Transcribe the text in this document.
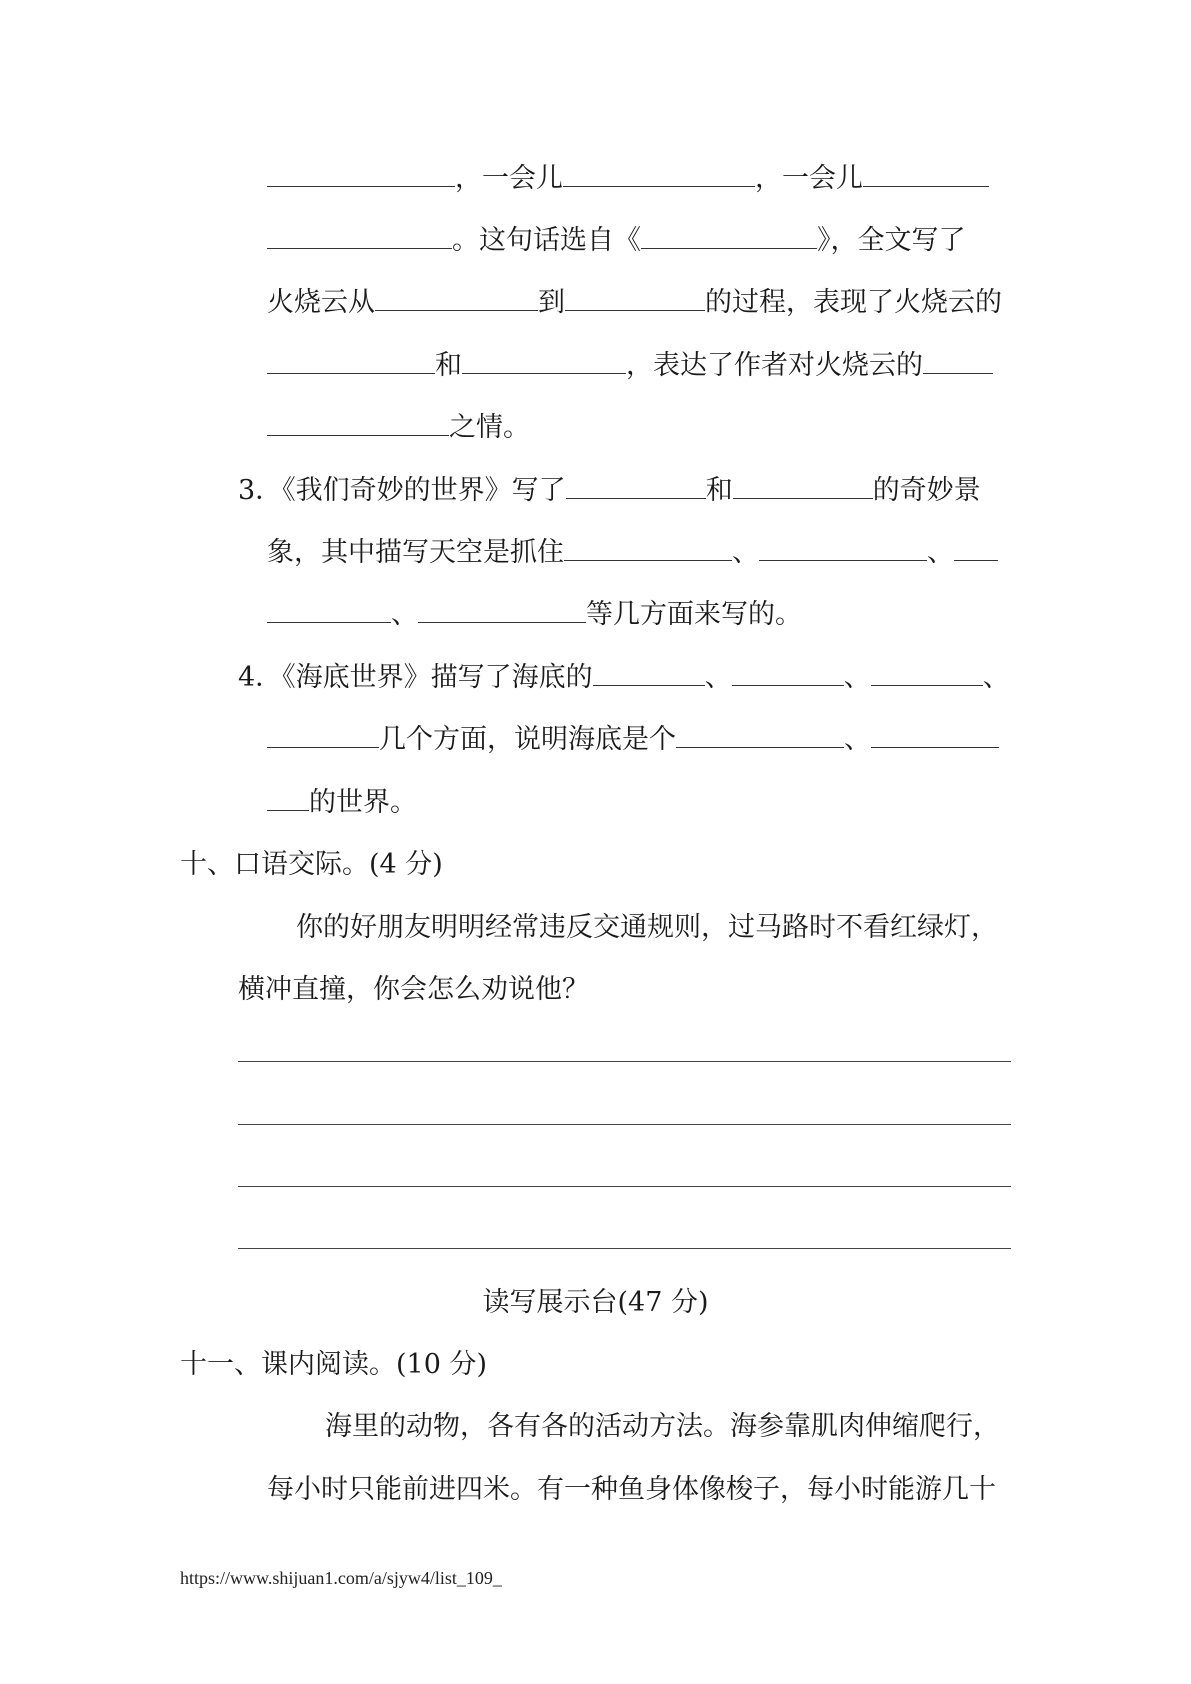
，一会儿	，一会儿
。这句话选自《	》，全文写了
火烧云从	到	的过程，表现了火烧云的
和	，表达了作者对火烧云的
之情。
3．《我们奇妙的世界》写了	和	的奇妙景
象，其中描写天空是抓住	、	、
、	等几方面来写的。
4．《海底世界》描写了海底的	、	、	、
几个方面，说明海底是个	、
的世界。
十、口语交际。(4 分)
你的好朋友明明经常违反交通规则，过马路时不看红绿灯，
横冲直撞，你会怎么劝说他？
读写展示台(47 分)
十一、课内阅读。(10 分)
海里的动物，各有各的活动方法。海参靠肌肉伸缩爬行，
每小时只能前进四米。有一种鱼身体像梭子，每小时能游几十
https://www.shijuan1.com/a/sjyw4/list_109_
